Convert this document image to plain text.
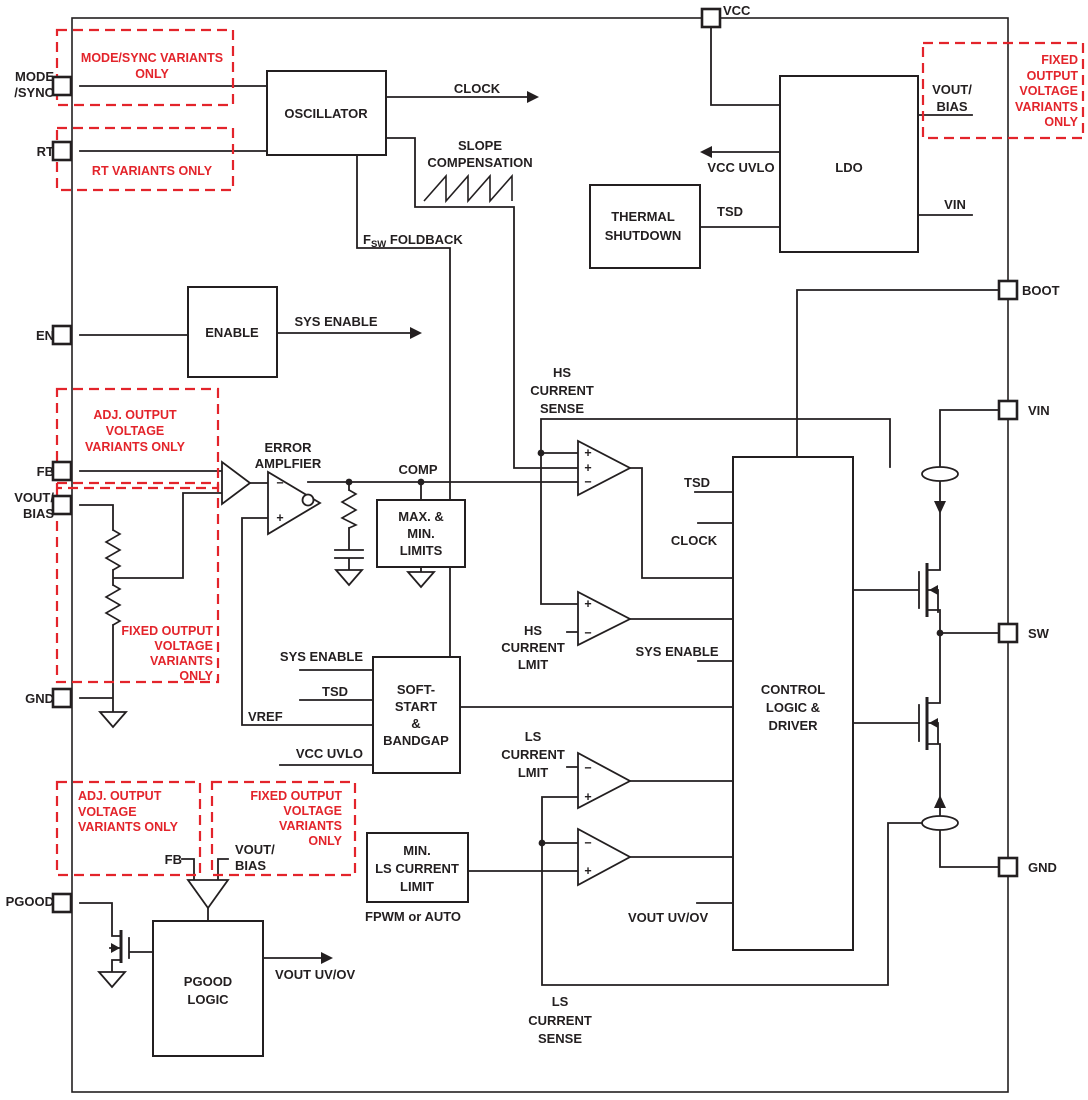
+
+
−
−
+
+
−
−
+
−
+
MODE
/SYNC
RT
EN
FB
VOUT/
BIAS
GND
PGOOD
VCC
BOOT
VIN
SW
GND
OSCILLATOR
ENABLE
THERMAL
SHUTDOWN
LDO
MAX. &
MIN.
LIMITS
SOFT-
START
&
BANDGAP
CONTROL
LOGIC &
DRIVER
MIN.
LS CURRENT
LIMIT
PGOOD
LOGIC
CLOCK
SLOPE
COMPENSATION
$F_{SW}$ FOLDBACK
SYS ENABLE
ERROR
AMPLFIER	COMP
HS
CURRENT
SENSE
TSD
CLOCK
HS
CURRENT
LMIT
SYS ENABLE
SYS ENABLE
TSD
VREF
VCC UVLO
LS
CURRENT
LMIT
FPWM or AUTO	VOUT UV/OV
LS
CURRENT
SENSE
VOUT UV/OV
VCC UVLO
TSD
VOUT/
BIAS
VIN
FB
VOUT/
BIAS
MODE/SYNC VARIANTS
ONLY
RT VARIANTS ONLY
ADJ. OUTPUT
VOLTAGE
VARIANTS ONLY
FIXED OUTPUT
VOLTAGE
VARIANTS
ONLY
FIXED
OUTPUT
VOLTAGE
VARIANTS
ONLY
ADJ. OUTPUT
VOLTAGE
VARIANTS ONLY
FIXED OUTPUT
VOLTAGE
VARIANTS
ONLY
